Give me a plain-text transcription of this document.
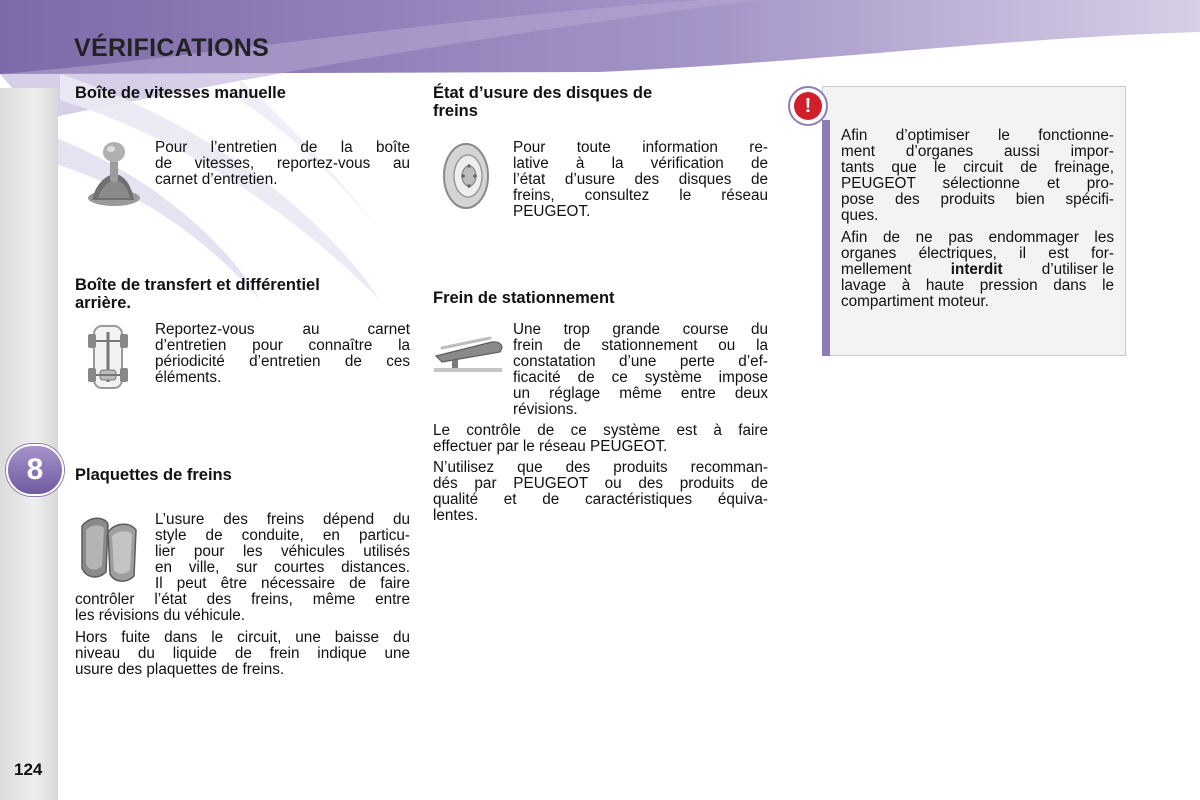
VÉRIFICATIONS
8
124
Boîte de vitesses manuelle
Pour l’entretien de la boîte
de vitesses, reportez-vous au
carnet d’entretien.
Boîte de transfert et différentiel
arrière.
Reportez-vous au carnet
d’entretien pour connaître la
périodicité d’entretien de ces
éléments.
Plaquettes de freins
L’usure des freins dépend du
style de conduite, en particu-
lier pour les véhicules utilisés
en ville, sur courtes distances.
Il peut être nécessaire de faire
contrôler l’état des freins, même entre
les révisions du véhicule.
Hors fuite dans le circuit, une baisse du
niveau du liquide de frein indique une
usure des plaquettes de freins.
État d’usure des disques de
freins
Pour toute information re-
lative à la vérification de
l’état d’usure des disques de
freins, consultez le réseau
PEUGEOT.
Frein de stationnement
Une trop grande course du
frein de stationnement ou la
constatation d’une perte d’ef-
ficacité de ce système impose
un réglage même entre deux
révisions.
Le contrôle de ce système est à faire
effectuer par le réseau PEUGEOT.
N’utilisez que des produits recomman-
dés par PEUGEOT ou des produits de
qualité et de caractéristiques équiva-
lentes.
!
Afin d’optimiser le fonctionne-
ment d’organes aussi impor-
tants que le circuit de freinage,
PEUGEOT sélectionne et pro-
pose des produits bien spécifi-
ques.
Afin de ne pas endommager les
organes électriques, il est for-
mellement interdit d’utiliser le
lavage à haute pression dans le
compartiment moteur.
